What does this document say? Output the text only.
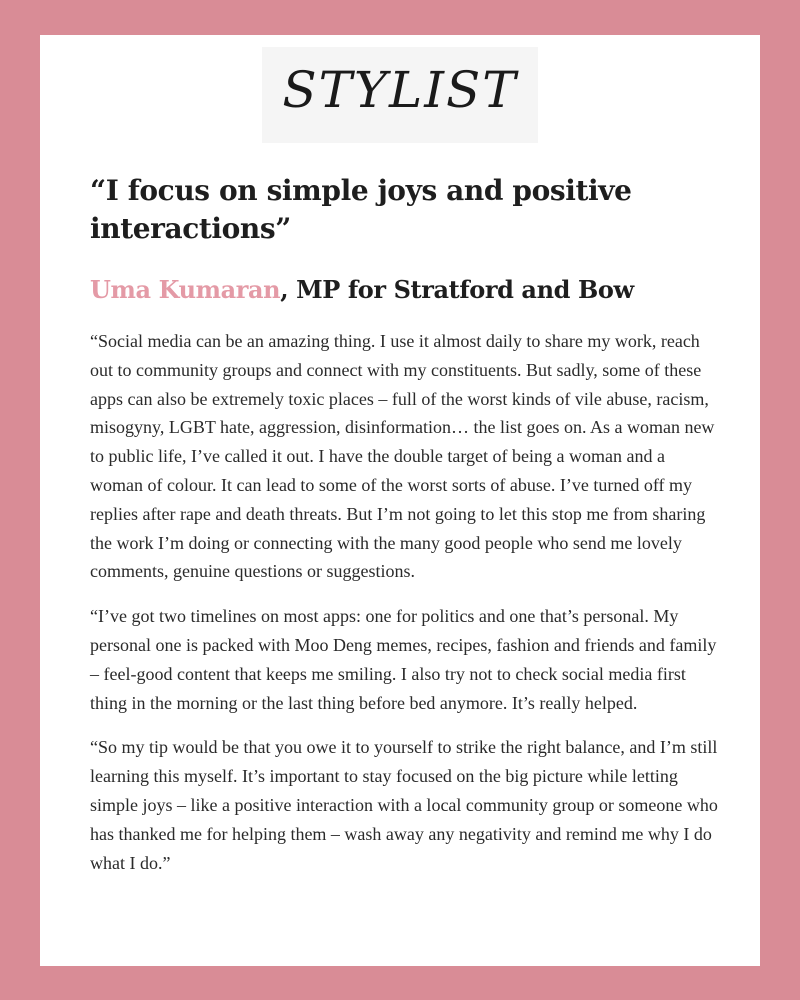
STYLIST
“I focus on simple joys and positive interactions”
Uma Kumaran, MP for Stratford and Bow

“Social media can be an amazing thing. I use it almost daily to share my work, reach out to community groups and connect with my constituents. But sadly, some of these apps can also be extremely toxic places – full of the worst kinds of vile abuse, racism, misogyny, LGBT hate, aggression, disinformation… the list goes on. As a woman new to public life, I’ve called it out. I have the double target of being a woman and a woman of colour. It can lead to some of the worst sorts of abuse. I’ve turned off my replies after rape and death threats. But I’m not going to let this stop me from sharing the work I’m doing or connecting with the many good people who send me lovely comments, genuine questions or suggestions.

“I’ve got two timelines on most apps: one for politics and one that’s personal. My personal one is packed with Moo Deng memes, recipes, fashion and friends and family – feel-good content that keeps me smiling. I also try not to check social media first thing in the morning or the last thing before bed anymore. It’s really helped.

“So my tip would be that you owe it to yourself to strike the right balance, and I’m still learning this myself. It’s important to stay focused on the big picture while letting simple joys – like a positive interaction with a local community group or someone who has thanked me for helping them – wash away any negativity and remind me why I do what I do.”
